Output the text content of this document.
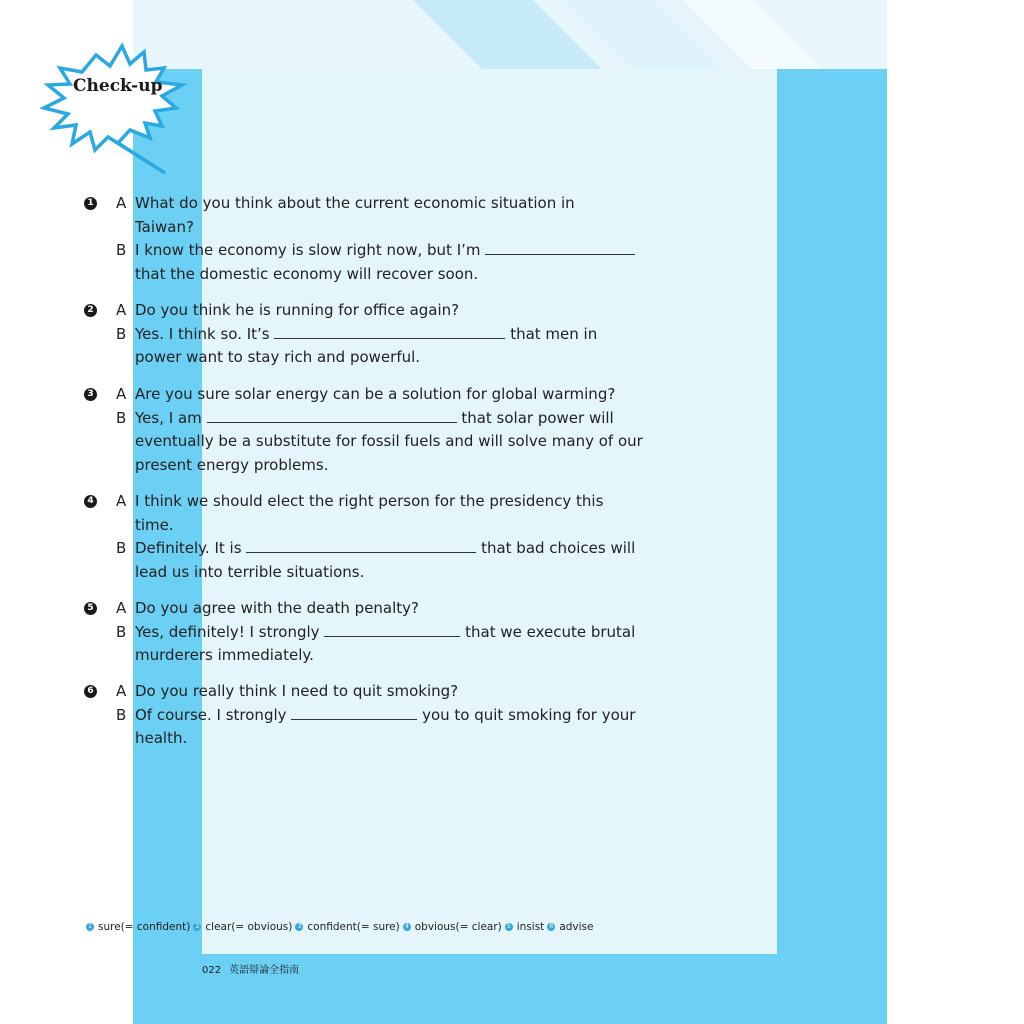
Check-up
1 A What do you think about the current economic situation in
Taiwan?
B I know the economy is slow right now, but I’m
that the domestic economy will recover soon.
2 A Do you think he is running for office again?
B Yes. I think so. It’s	that men in
power want to stay rich and powerful.
3 A Are you sure solar energy can be a solution for global warming?
B Yes, I am	that solar power will
eventually be a substitute for fossil fuels and will solve many of our
present energy problems.
4 A I think we should elect the right person for the presidency this
time.
B Definitely. It is	that bad choices will
lead us into terrible situations.
5 A Do you agree with the death penalty?
B Yes, definitely! I strongly	that we execute brutal
murderers immediately.
6 A Do you really think I need to quit smoking?
B Of course. I strongly	you to quit smoking for your
health.
1 sure(= confident) 2 clear(= obvious) 3 confident(= sure) 4 obvious(= clear) 5 insist 6 advise
022 英語辯論全指南
